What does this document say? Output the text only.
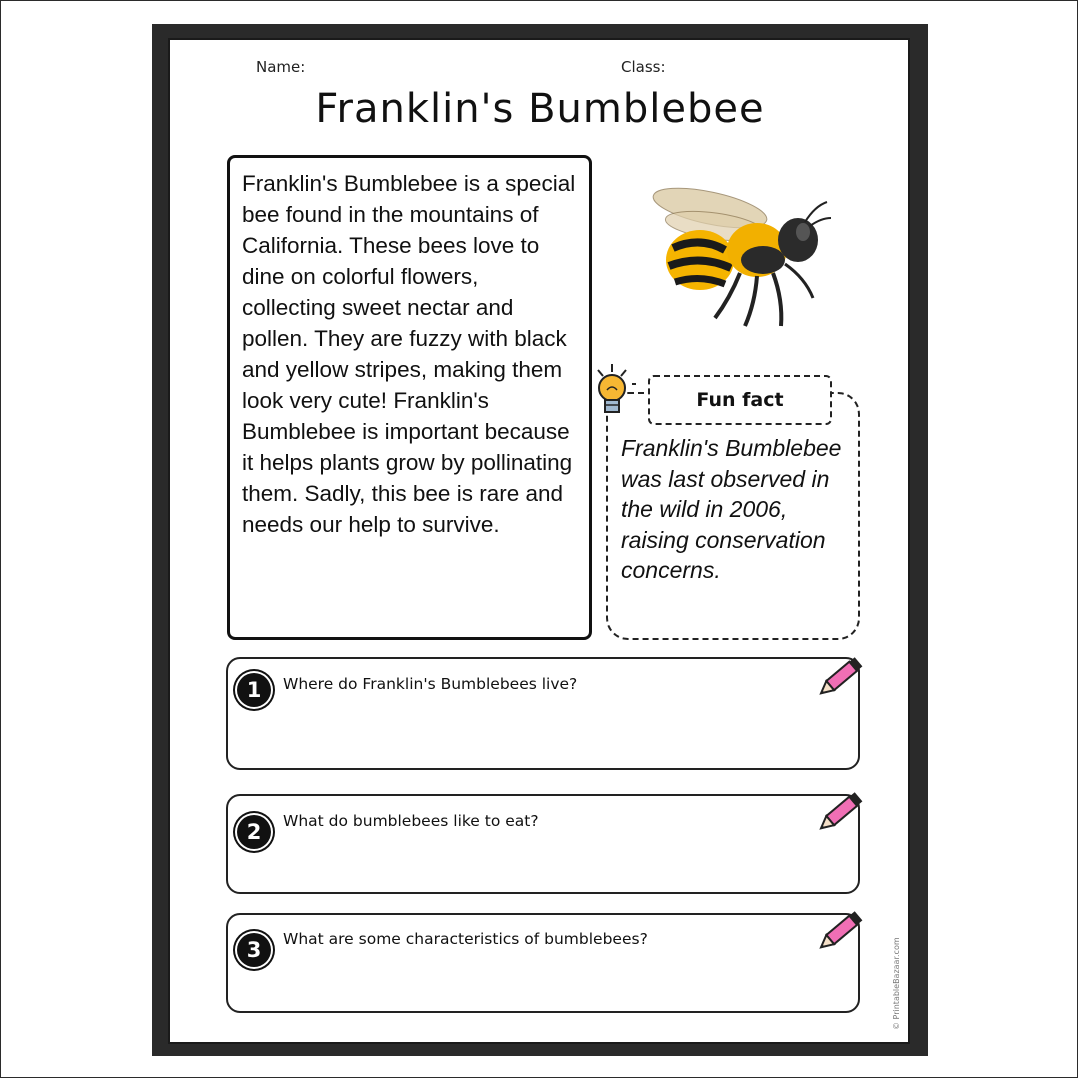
Name:	Class:
Franklin's Bumblebee
Franklin's Bumblebee is a special bee found in the mountains of California. These bees love to dine on colorful flowers, collecting sweet nectar and pollen. They are fuzzy with black and yellow stripes, making them look very cute! Franklin's Bumblebee is important because it helps plants grow by pollinating them. Sadly, this bee is rare and needs our help to survive.
Fun fact
Franklin's Bumblebee was last observed in the wild in 2006, raising conservation concerns.
1	Where do Franklin's Bumblebees live?
2	What do bumblebees like to eat?
3	What are some characteristics of bumblebees?	© PrintableBazaar.com
